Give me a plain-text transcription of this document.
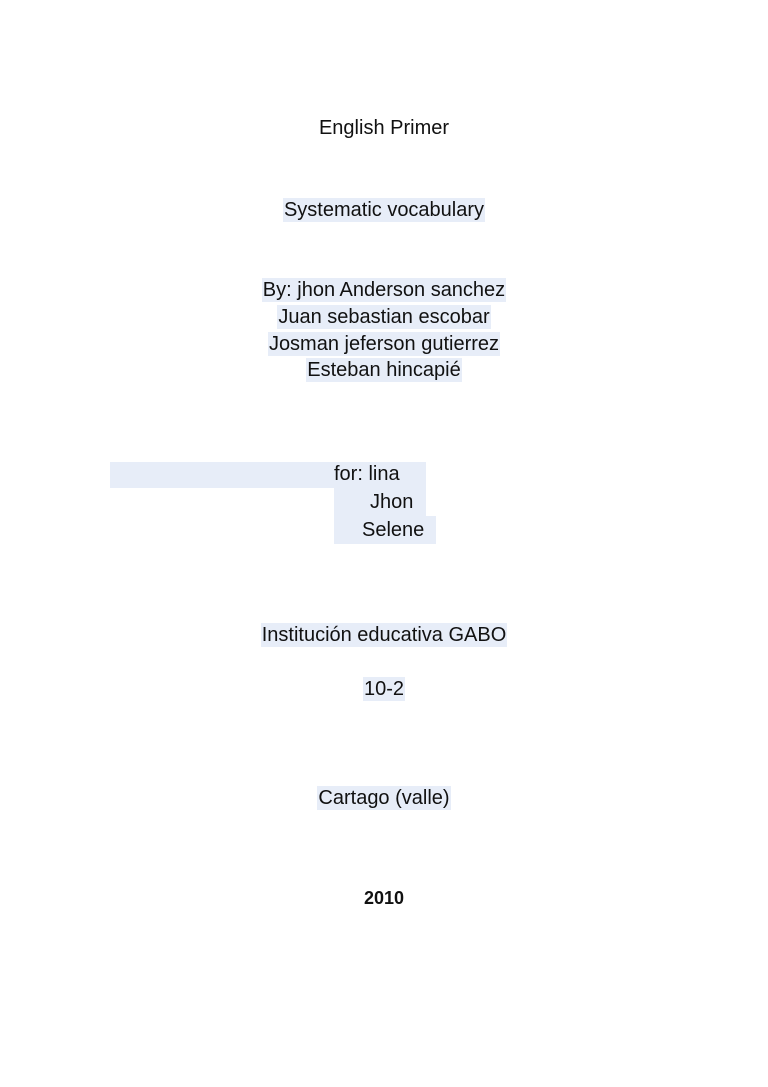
English Primer
Systematic vocabulary
By: jhon Anderson sanchez
Juan sebastian escobar
Josman jeferson gutierrez
Esteban hincapié
for: lina
Jhon
Selene
Institución educativa GABO
10-2
Cartago (valle)
2010
